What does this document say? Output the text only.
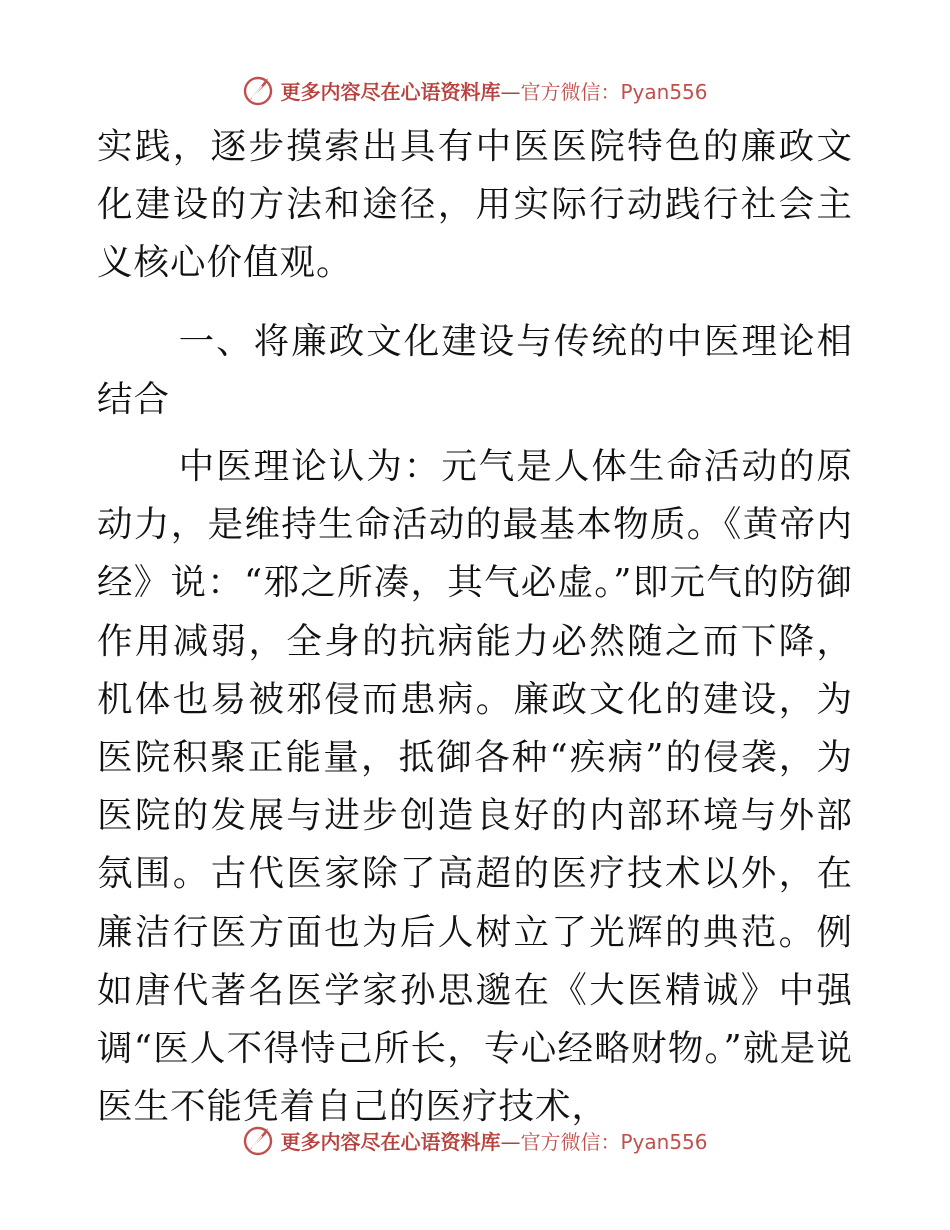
更多内容尽在心语资料库—官方微信：Pyan556

实践，逐步摸索出具有中医医院特色的廉政文化建设的方法和途径，用实际行动践行社会主义核心价值观。

一、将廉政文化建设与传统的中医理论相结合

中医理论认为：元气是人体生命活动的原动力，是维持生命活动的最基本物质。《黄帝内经》说：“邪之所凑，其气必虚。”即元气的防御作用减弱，全身的抗病能力必然随之而下降，机体也易被邪侵而患病。廉政文化的建设，为医院积聚正能量，抵御各种“疾病”的侵袭，为医院的发展与进步创造良好的内部环境与外部氛围。古代医家除了高超的医疗技术以外，在廉洁行医方面也为后人树立了光辉的典范。例如唐代著名医学家孙思邈在《大医精诚》中强调“医人不得恃己所长，专心经略财物。”就是说医生不能凭着自己的医疗技术，

更多内容尽在心语资料库—官方微信：Pyan556
